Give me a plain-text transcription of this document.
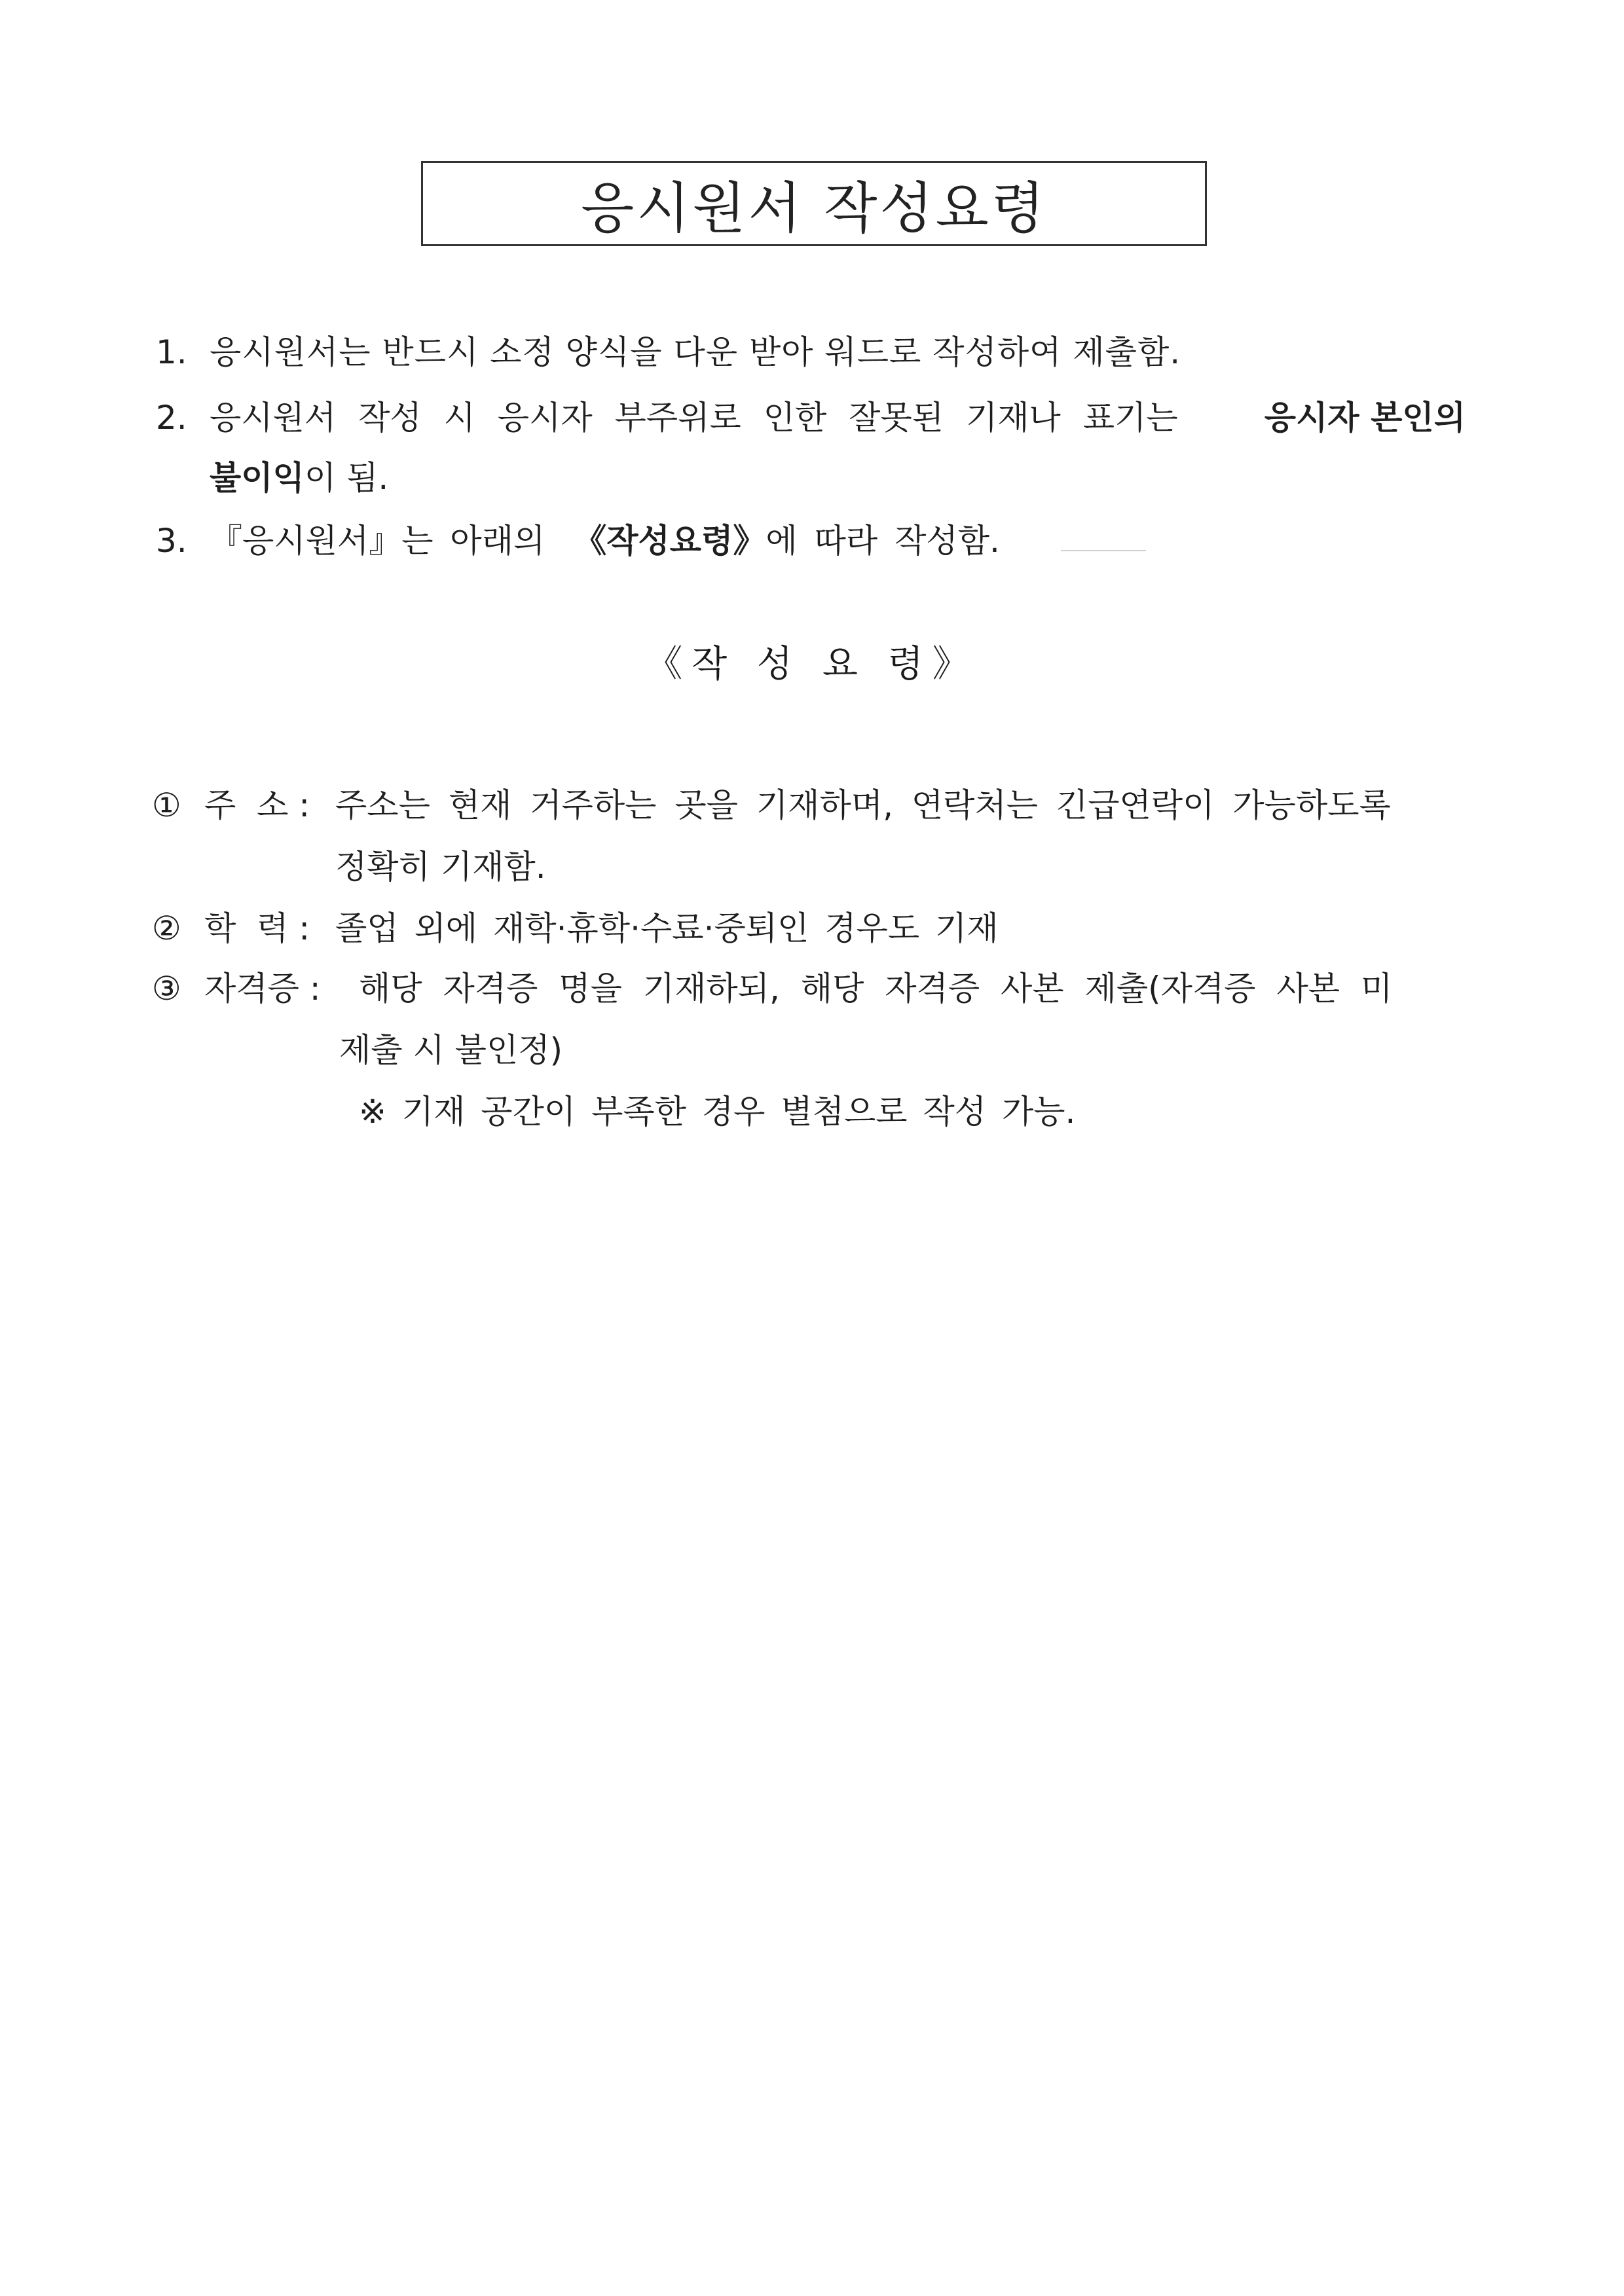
응시원서 작성요령
1. 응시원서는 반드시 소정 양식을 다운 받아 워드로 작성하여 제출함.
2. 응시원서 작성 시 응시자 부주위로 인한 잘못된 기재나 표기는	응시자 본인의
불이익이 됨.
3. 『응시원서』는 아래의 《작성요령》에 따라 작성함.
《작 성 요 령》
① 주  소 : 주소는 현재 거주하는 곳을 기재하며, 연락처는 긴급연락이 가능하도록
정확히 기재함.
② 학  력 : 졸업 외에 재학·휴학·수료·중퇴인 경우도 기재
③ 자격증 : 해당 자격증 명을 기재하되, 해당 자격증 사본 제출(자격증 사본 미
제출 시 불인정)
※ 기재 공간이 부족한 경우 별첨으로 작성 가능.
